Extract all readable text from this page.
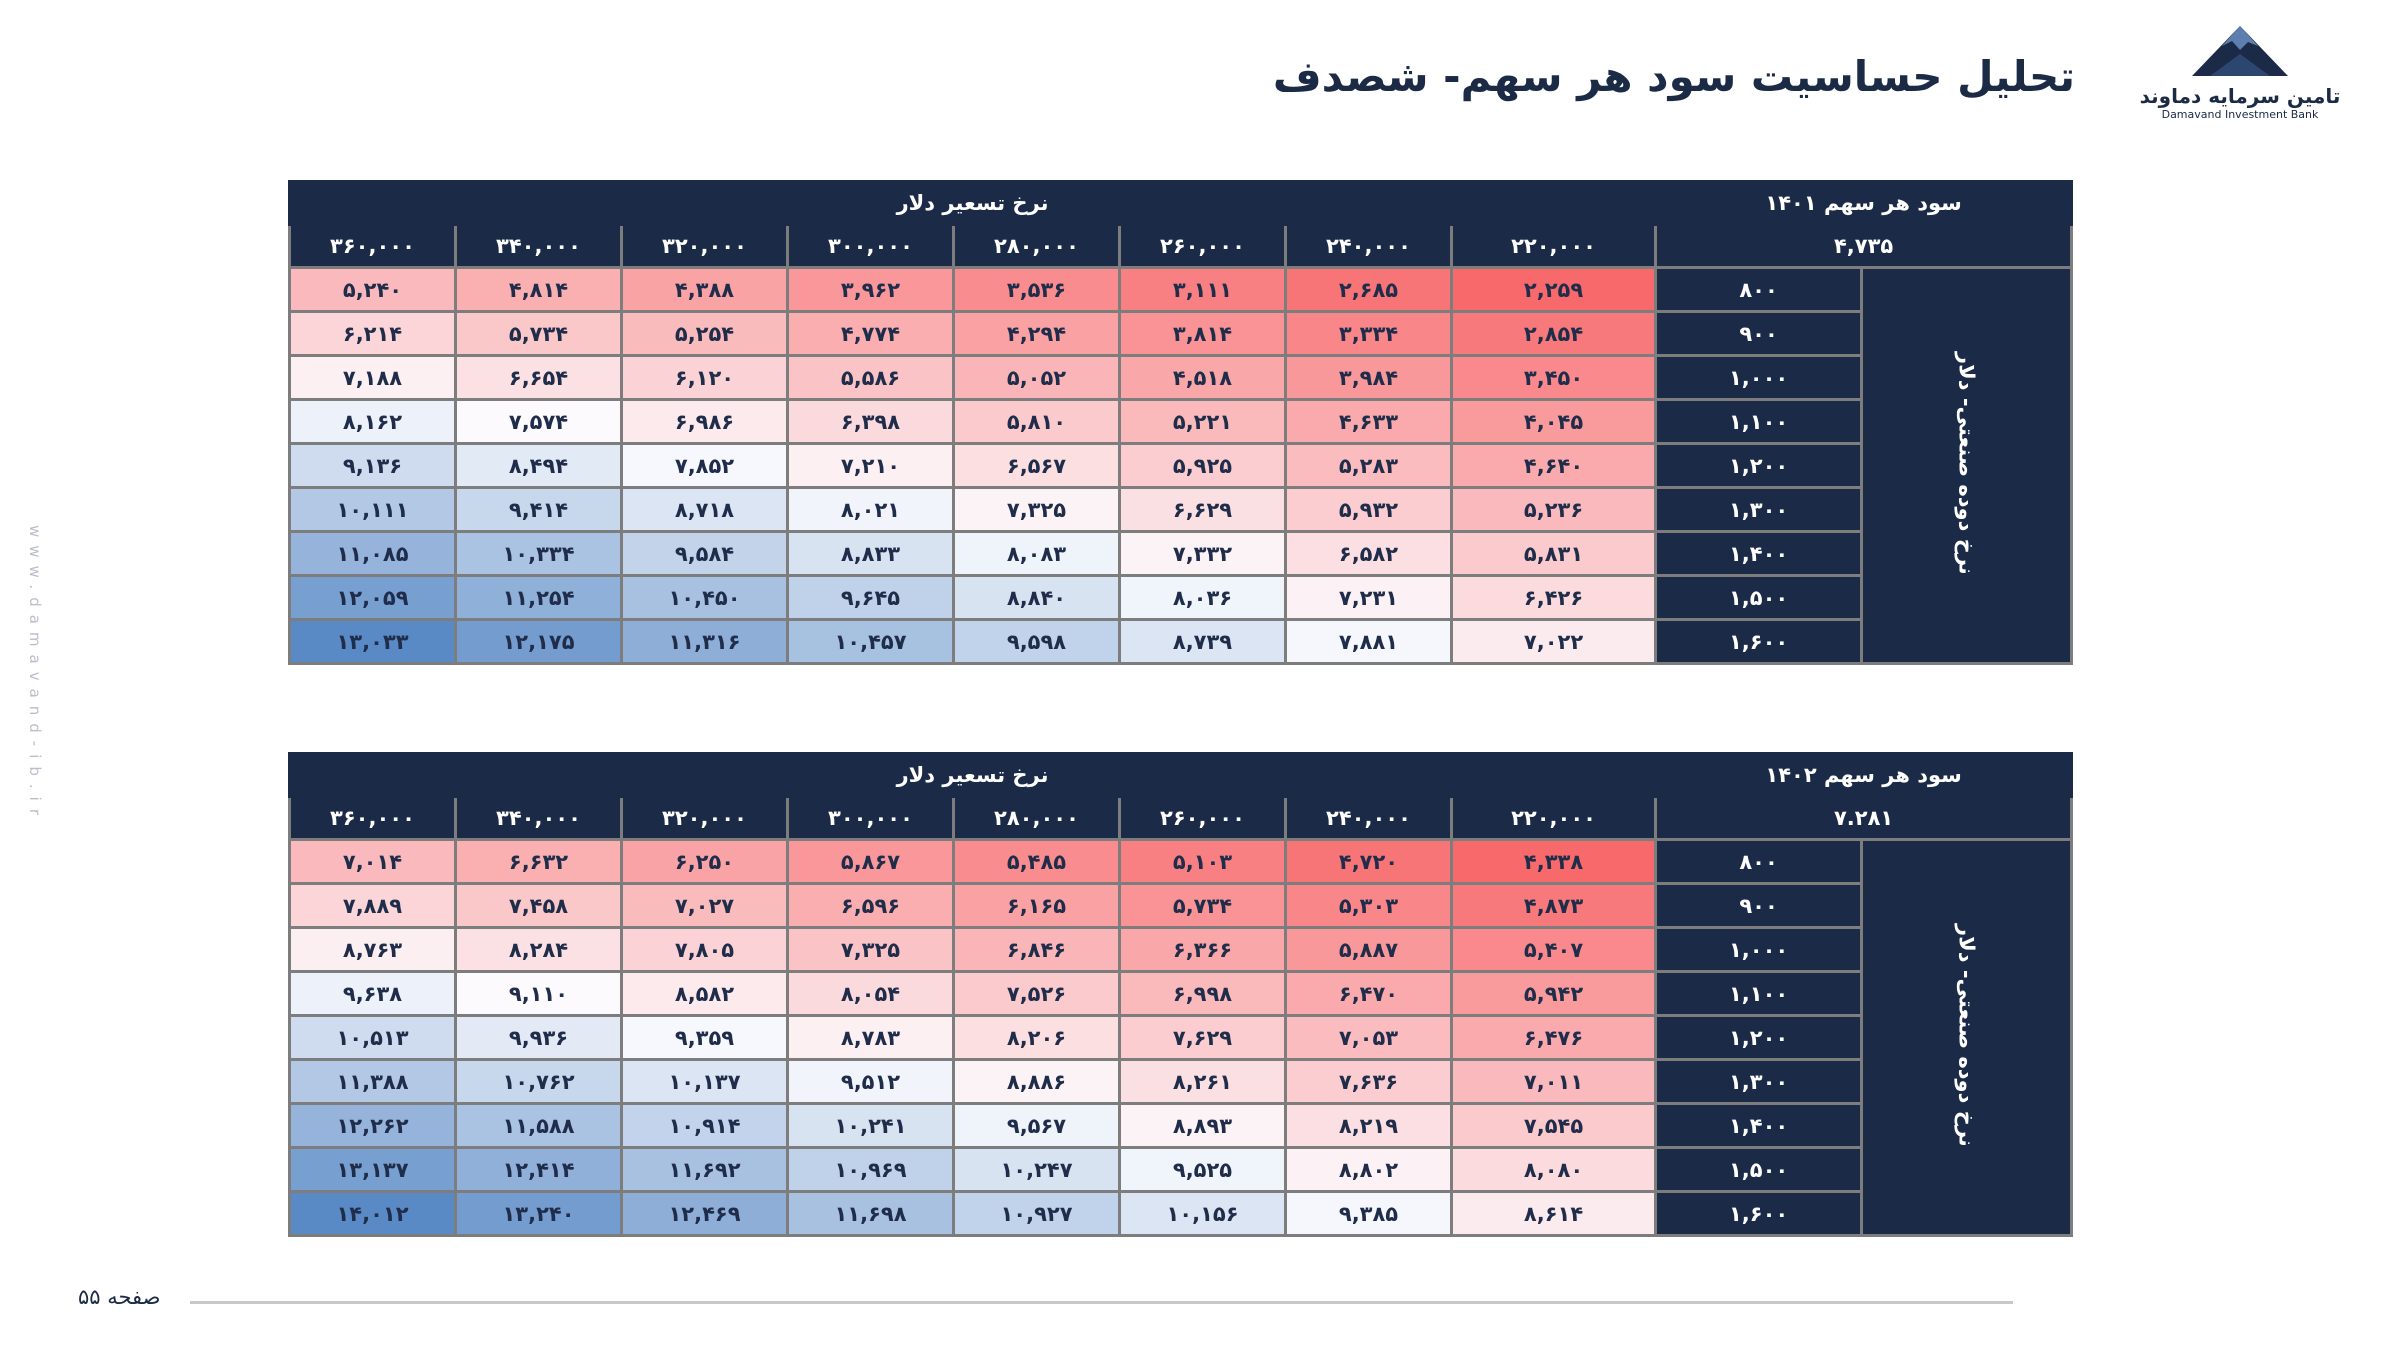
تحلیل حساسیت سود هر سهم- شصدف	تامین سرمایه دماوند
Damavand Investment Bank
www.damavand-ib.ir
نرخ تسعیر دلار								سود هر سهم ۱۴۰۱	
۳۶۰,۰۰۰	۳۴۰,۰۰۰	۳۲۰,۰۰۰	۳۰۰,۰۰۰	۲۸۰,۰۰۰	۲۶۰,۰۰۰	۲۴۰,۰۰۰	۲۲۰,۰۰۰	۴,۷۳۵	
۵,۲۴۰	۴,۸۱۴	۴,۳۸۸	۳,۹۶۲	۳,۵۳۶	۳,۱۱۱	۲,۶۸۵	۲,۲۵۹	۸۰۰	نرخ دوده صنعتی- دلار
۶,۲۱۴	۵,۷۳۴	۵,۲۵۴	۴,۷۷۴	۴,۲۹۴	۳,۸۱۴	۳,۳۳۴	۲,۸۵۴	۹۰۰	
۷,۱۸۸	۶,۶۵۴	۶,۱۲۰	۵,۵۸۶	۵,۰۵۲	۴,۵۱۸	۳,۹۸۴	۳,۴۵۰	۱,۰۰۰	
۸,۱۶۲	۷,۵۷۴	۶,۹۸۶	۶,۳۹۸	۵,۸۱۰	۵,۲۲۱	۴,۶۳۳	۴,۰۴۵	۱,۱۰۰	
۹,۱۳۶	۸,۴۹۴	۷,۸۵۲	۷,۲۱۰	۶,۵۶۷	۵,۹۲۵	۵,۲۸۳	۴,۶۴۰	۱,۲۰۰	
۱۰,۱۱۱	۹,۴۱۴	۸,۷۱۸	۸,۰۲۱	۷,۳۲۵	۶,۶۲۹	۵,۹۳۲	۵,۲۳۶	۱,۳۰۰	
۱۱,۰۸۵	۱۰,۳۳۴	۹,۵۸۴	۸,۸۳۳	۸,۰۸۳	۷,۳۳۲	۶,۵۸۲	۵,۸۳۱	۱,۴۰۰	
۱۲,۰۵۹	۱۱,۲۵۴	۱۰,۴۵۰	۹,۶۴۵	۸,۸۴۰	۸,۰۳۶	۷,۲۳۱	۶,۴۲۶	۱,۵۰۰	
۱۳,۰۳۳	۱۲,۱۷۵	۱۱,۳۱۶	۱۰,۴۵۷	۹,۵۹۸	۸,۷۳۹	۷,۸۸۱	۷,۰۲۲	۱,۶۰۰	
نرخ تسعیر دلار								سود هر سهم ۱۴۰۲	
۳۶۰,۰۰۰	۳۴۰,۰۰۰	۳۲۰,۰۰۰	۳۰۰,۰۰۰	۲۸۰,۰۰۰	۲۶۰,۰۰۰	۲۴۰,۰۰۰	۲۲۰,۰۰۰	۷.۲۸۱	
۷,۰۱۴	۶,۶۳۲	۶,۲۵۰	۵,۸۶۷	۵,۴۸۵	۵,۱۰۳	۴,۷۲۰	۴,۳۳۸	۸۰۰	نرخ دوده صنعتی- دلار
۷,۸۸۹	۷,۴۵۸	۷,۰۲۷	۶,۵۹۶	۶,۱۶۵	۵,۷۳۴	۵,۳۰۳	۴,۸۷۳	۹۰۰	
۸,۷۶۳	۸,۲۸۴	۷,۸۰۵	۷,۳۲۵	۶,۸۴۶	۶,۳۶۶	۵,۸۸۷	۵,۴۰۷	۱,۰۰۰	
۹,۶۳۸	۹,۱۱۰	۸,۵۸۲	۸,۰۵۴	۷,۵۲۶	۶,۹۹۸	۶,۴۷۰	۵,۹۴۲	۱,۱۰۰	
۱۰,۵۱۳	۹,۹۳۶	۹,۳۵۹	۸,۷۸۳	۸,۲۰۶	۷,۶۲۹	۷,۰۵۳	۶,۴۷۶	۱,۲۰۰	
۱۱,۳۸۸	۱۰,۷۶۲	۱۰,۱۳۷	۹,۵۱۲	۸,۸۸۶	۸,۲۶۱	۷,۶۳۶	۷,۰۱۱	۱,۳۰۰	
۱۲,۲۶۲	۱۱,۵۸۸	۱۰,۹۱۴	۱۰,۲۴۱	۹,۵۶۷	۸,۸۹۳	۸,۲۱۹	۷,۵۴۵	۱,۴۰۰	
۱۳,۱۳۷	۱۲,۴۱۴	۱۱,۶۹۲	۱۰,۹۶۹	۱۰,۲۴۷	۹,۵۲۵	۸,۸۰۲	۸,۰۸۰	۱,۵۰۰	
۱۴,۰۱۲	۱۳,۲۴۰	۱۲,۴۶۹	۱۱,۶۹۸	۱۰,۹۲۷	۱۰,۱۵۶	۹,۳۸۵	۸,۶۱۴	۱,۶۰۰	
صفحه ۵۵
